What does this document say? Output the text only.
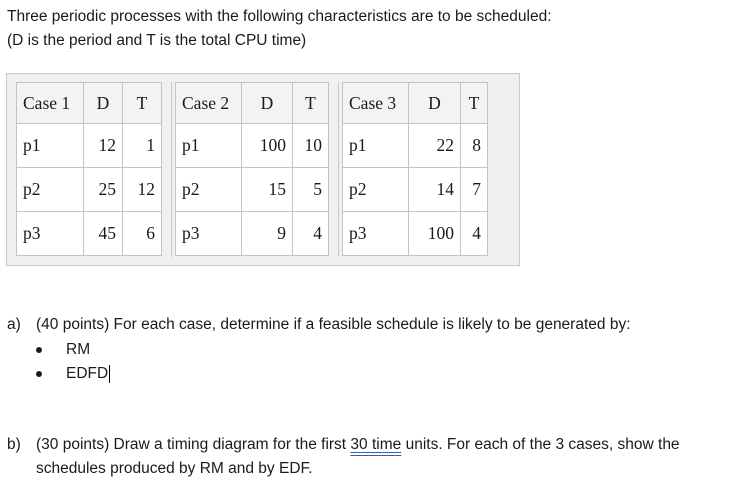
Three periodic processes with the following characteristics are to be scheduled:
(D is the period and T is the total CPU time)
Case 1	D	T
p1	12	1
p2	25	12
p3	45	6
Case 2	D	T
p1	100	10
p2	15	5
p3	9	4
Case 3	D	T
p1	22	8
p2	14	7
p3	100	4
a) (40 points) For each case, determine if a feasible schedule is likely to be generated by:
RM
EDFD
b) (30 points) Draw a timing diagram for the first 30 time units. For each of the 3 cases, show the
schedules produced by RM and by EDF.
